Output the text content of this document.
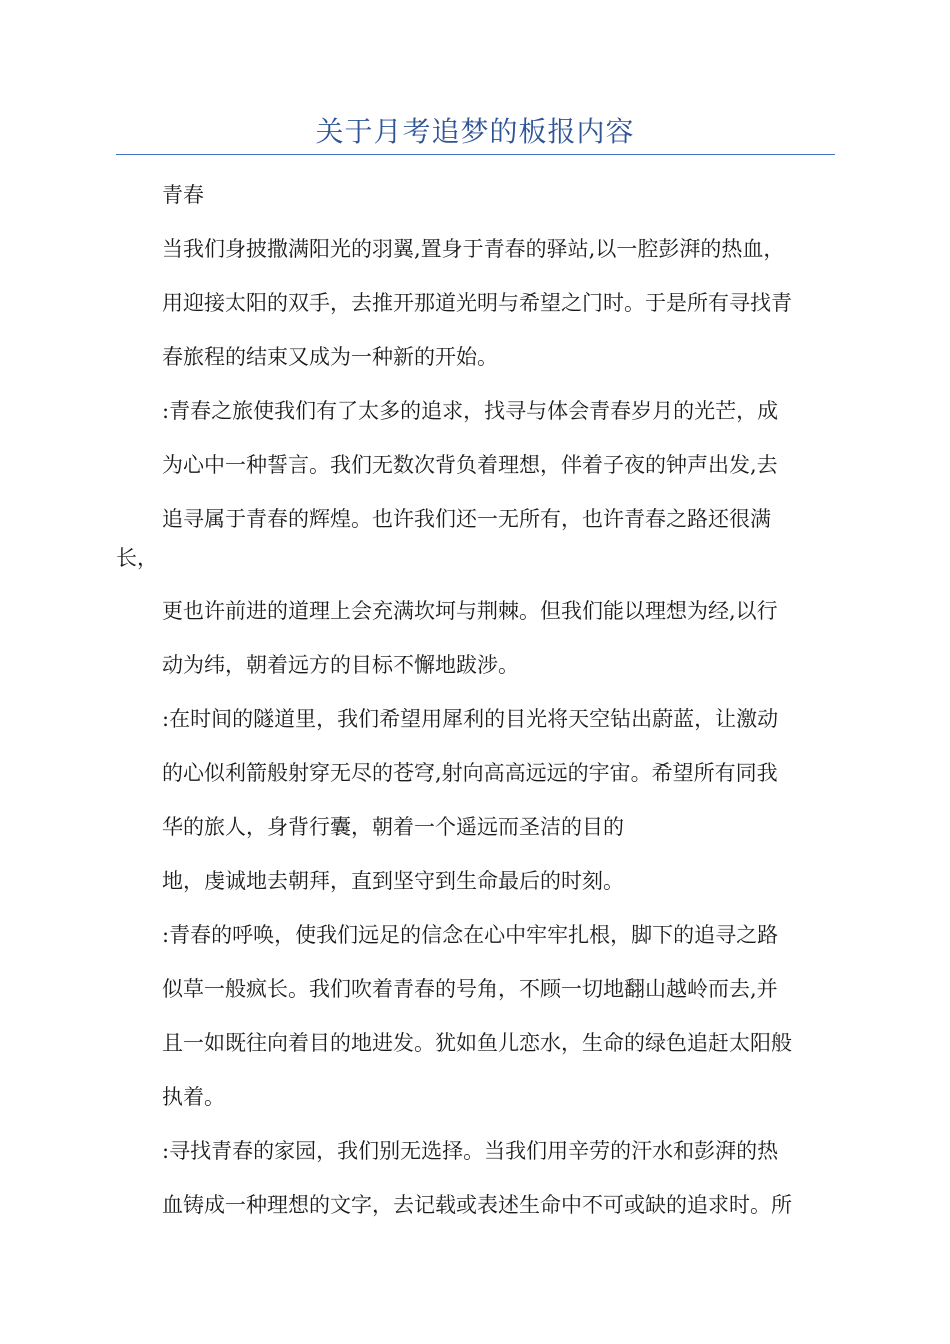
关于月考追梦的板报内容
青春
当我们身披撒满阳光的羽翼,置身于青春的驿站,以一腔彭湃的热血，
用迎接太阳的双手，去推开那道光明与希望之门时。于是所有寻找青
春旅程的结束又成为一种新的开始。
:青春之旅使我们有了太多的追求，找寻与体会青春岁月的光芒，成
为心中一种誓言。我们无数次背负着理想，伴着子夜的钟声出发,去
追寻属于青春的辉煌。也许我们还一无所有，也许青春之路还很满
长，
更也许前进的道理上会充满坎坷与荆棘。但我们能以理想为经,以行
动为纬，朝着远方的目标不懈地跋涉。
:在时间的隧道里，我们希望用犀利的目光将天空钻出蔚蓝，让激动
的心似利箭般射穿无尽的苍穹,射向高高远远的宇宙。希望所有同我
华的旅人，身背行囊，朝着一个遥远而圣洁的目的
地，虔诚地去朝拜，直到坚守到生命最后的时刻。
:青春的呼唤，使我们远足的信念在心中牢牢扎根，脚下的追寻之路
似草一般疯长。我们吹着青春的号角，不顾一切地翻山越岭而去,并
且一如既往向着目的地进发。犹如鱼儿恋水，生命的绿色追赶太阳般
执着。
:寻找青春的家园，我们别无选择。当我们用辛劳的汗水和彭湃的热
血铸成一种理想的文字，去记载或表述生命中不可或缺的追求时。所
